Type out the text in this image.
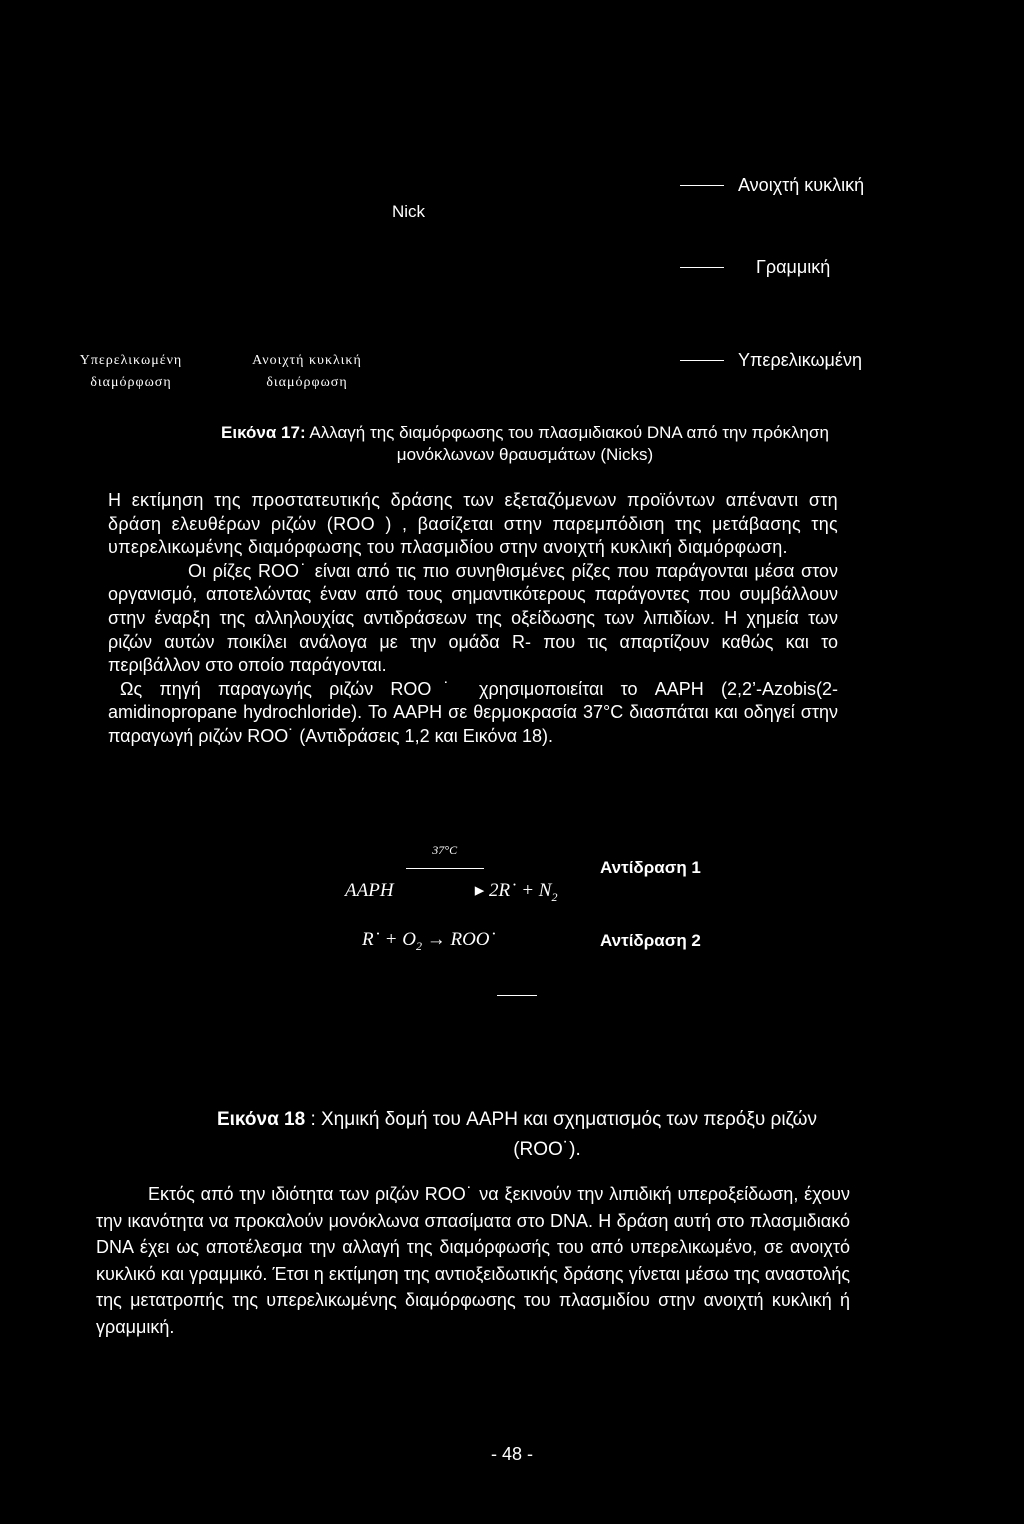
Nick
Ανοιχτή κυκλική
Γραμμική
Υπερελικωμένη
Υπερελικωμένη
διαμόρφωση
Ανοιχτή κυκλική
διαμόρφωση
Εικόνα 17: Αλλαγή της διαμόρφωσης του πλασμιδιακού DNA από την πρόκληση
μονόκλωνων θραυσμάτων (Nicks)

Η εκτίμηση της προστατευτικής δράσης των εξεταζόμενων προϊόντων απέναντι στη δράση ελευθέρων ριζών (ROO ) , βασίζεται στην παρεμπόδιση της μετάβασης της υπερελικωμένης διαμόρφωσης του πλασμιδίου στην ανοιχτή κυκλική διαμόρφωση.

Οι ρίζες ROO˙ είναι από τις πιο συνηθισμένες ρίζες που παράγονται μέσα στον οργανισμό, αποτελώντας έναν από τους σημαντικότερους παράγοντες που συμβάλλουν στην έναρξη της αλληλουχίας αντιδράσεων της οξείδωσης των λιπιδίων. Η χημεία των ριζών αυτών ποικίλει ανάλογα με την ομάδα R- που τις απαρτίζουν καθώς και το περιβάλλον στο οποίο παράγονται.

Ως πηγή παραγωγής ριζών ROO˙ χρησιμοποιείται το AAPH (2,2’-Azobis(2-amidinopropane hydrochloride). Το AAPH σε θερμοκρασία 37°C διασπάται και οδηγεί στην παραγωγή ριζών ROO˙ (Αντιδράσεις 1,2 και Εικόνα 18).

AAPH
37°C
▸ 2R˙ + $N_2$
Αντίδραση 1
R˙ + $O_2$ → ROO˙	Αντίδραση 2
Εικόνα 18 : Χημική δομή του AAPH και σχηματισμός των περόξυ ριζών
(ROO˙).
Εκτός από την ιδιότητα των ριζών ROO˙ να ξεκινούν την λιπιδική υπεροξείδωση, έχουν την ικανότητα να προκαλούν μονόκλωνα σπασίματα στο DNA. Η δράση αυτή στο πλασμιδιακό DNA έχει ως αποτέλεσμα την αλλαγή της διαμόρφωσής του από υπερελικωμένο, σε ανοιχτό κυκλικό και γραμμικό. Έτσι η εκτίμηση της αντιοξειδωτικής δράσης γίνεται μέσω της αναστολής της μετατροπής της υπερελικωμένης διαμόρφωσης του πλασμιδίου στην ανοιχτή κυκλική ή γραμμική.
- 48 -
